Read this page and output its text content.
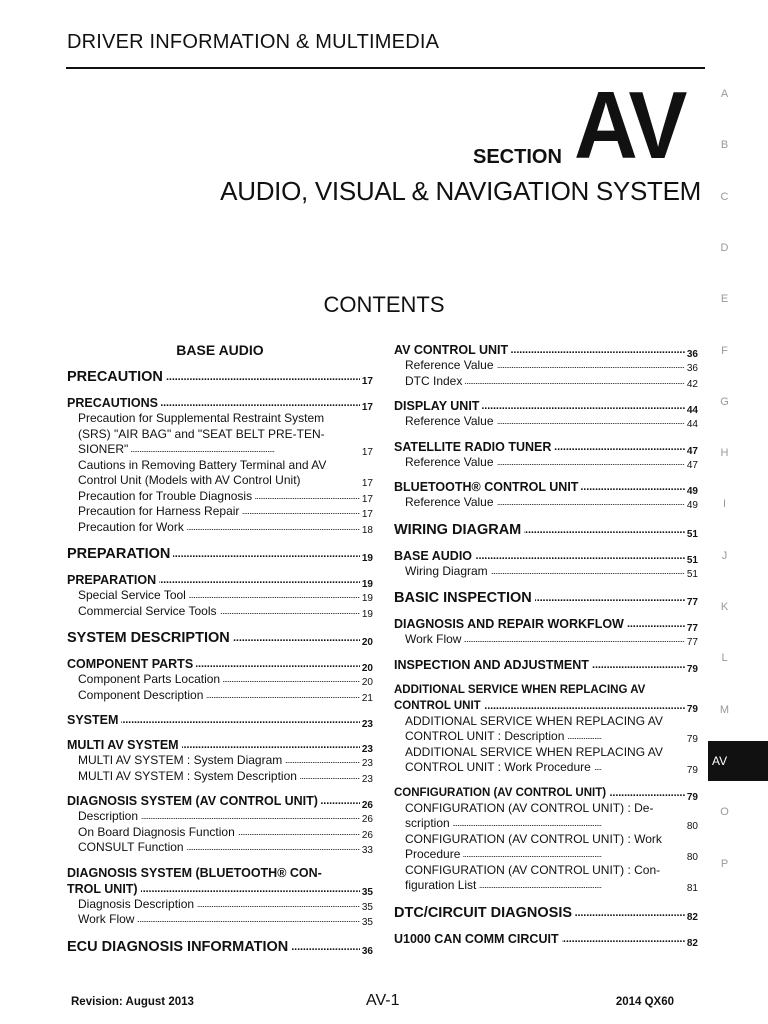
DRIVER INFORMATION & MULTIMEDIA
SECTION AV
AUDIO, VISUAL & NAVIGATION SYSTEM
CONTENTS
BASE AUDIO
PRECAUTION	17
. . .
PRECAUTIONS	17
. . .
Precaution for Supplemental Restraint System
(SRS) "AIR BAG" and "SEAT BELT PRE-TEN-
SIONER"	17
. . .
Cautions in Removing Battery Terminal and AV
Control Unit (Models with AV Control Unit)	17
. . .
Precaution for Trouble Diagnosis	17
. . .
Precaution for Harness Repair	17
. . .
Precaution for Work	18
. . .
PREPARATION	19
. . .
PREPARATION	19
. . .
Special Service Tool	19
. . .
Commercial Service Tools	19
. . .
SYSTEM DESCRIPTION	20
. . .
COMPONENT PARTS	20
. . .
Component Parts Location	20
. . .
Component Description	21
. . .
SYSTEM	23
. . .
MULTI AV SYSTEM	23
. . .
MULTI AV SYSTEM : System Diagram	23
. . .
MULTI AV SYSTEM : System Description	23
. . .
DIAGNOSIS SYSTEM (AV CONTROL UNIT)	26
. . .
Description	26
. . .
On Board Diagnosis Function	26
. . .
CONSULT Function	33
. . .
DIAGNOSIS SYSTEM (BLUETOOTH® CON-
TROL UNIT)	35
. . .
Diagnosis Description	35
. . .
Work Flow	35
. . .
ECU DIAGNOSIS INFORMATION	36
. . .
AV CONTROL UNIT	36
. . .
Reference Value	36
. . .
DTC Index	42
. . .
DISPLAY UNIT	44
. . .
Reference Value	44
. . .
SATELLITE RADIO TUNER	47
. . .
Reference Value	47
. . .
BLUETOOTH® CONTROL UNIT	49
. . .
Reference Value	49
. . .
WIRING DIAGRAM	51
. . .
BASE AUDIO	51
. . .
Wiring Diagram	51
. . .
BASIC INSPECTION	77
. . .
DIAGNOSIS AND REPAIR WORKFLOW	77
. . .
Work Flow	77
. . .
INSPECTION AND ADJUSTMENT	79
. . .
ADDITIONAL SERVICE WHEN REPLACING AV
CONTROL UNIT	79
. . .
ADDITIONAL SERVICE WHEN REPLACING AV
CONTROL UNIT : Description	79
. . .
ADDITIONAL SERVICE WHEN REPLACING AV
CONTROL UNIT : Work Procedure	79
. . .
CONFIGURATION (AV CONTROL UNIT)	79
. . .
CONFIGURATION (AV CONTROL UNIT) : De-
scription	80
. . .
CONFIGURATION (AV CONTROL UNIT) : Work
Procedure	80
. . .
CONFIGURATION (AV CONTROL UNIT) : Con-
figuration List	81
. . .
DTC/CIRCUIT DIAGNOSIS	82
. . .
U1000 CAN COMM CIRCUIT	82
. . .
A
B
C
D
E
F
G
H
I
J
K
L
M
AV
O
P
Revision: August 2013	AV-1	2014 QX60
